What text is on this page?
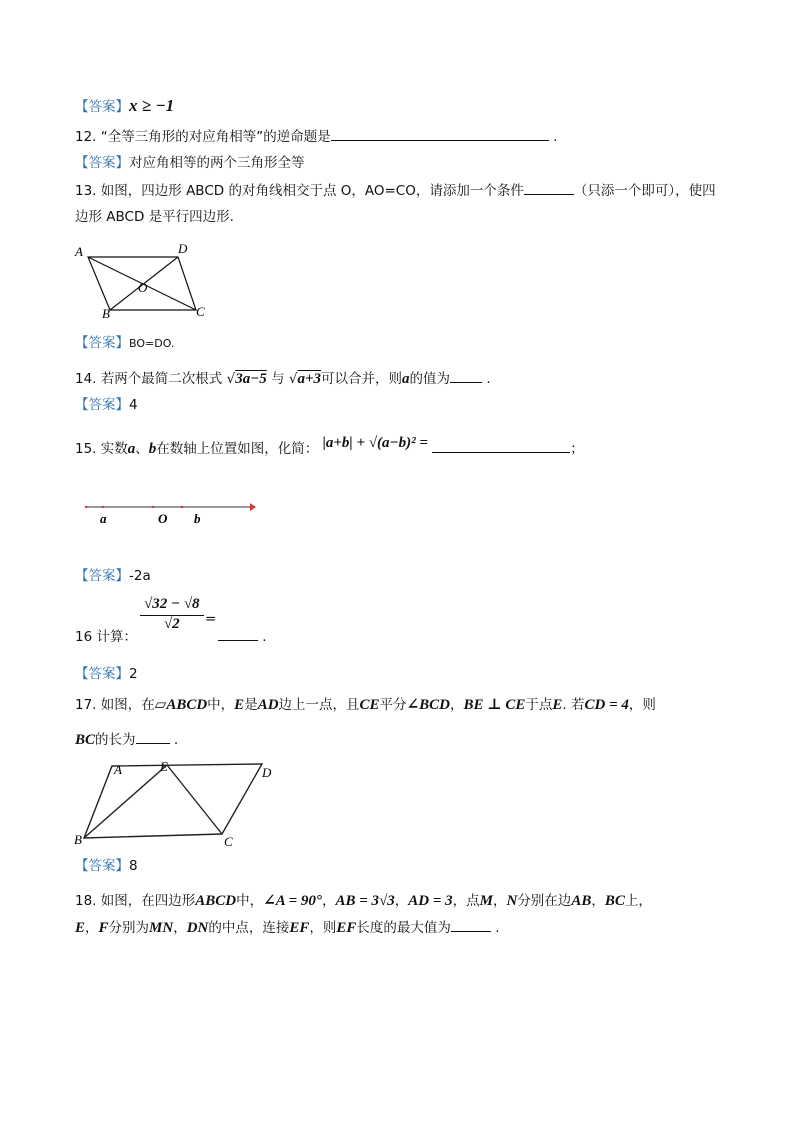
【答案】x ≥ −1
12. “全等三角形的对应角相等”的逆命题是	.
【答案】对应角相等的两个三角形全等
13. 如图，四边形 ABCD 的对角线相交于点 O，AO=CO，请添加一个条件	（只添一个即可），使四
边形 ABCD 是平行四边形.
A	D
O
B	C
【答案】BO=DO.
14. 若两个最简二次根式 √3a−5 与 √a+3可以合并，则a的值为	.
【答案】4
15. 实数a、b在数轴上位置如图，化简： |a+b| + √(a−b)² =	；
a	O b
【答案】-2a
$\frac{√32 - √8}{√2}$ =
16 计算：	.
【答案】2
17. 如图，在▱ABCD中，E是AD边上一点，且CE平分∠BCD，BE ⊥ CE于点E. 若CD = 4，则
BC的长为	.
A	E	D
B	C
【答案】8
18. 如图，在四边形ABCD中，∠A = 90°，AB = 3√3，AD = 3，点M，N分别在边AB，BC上，
E，F分别为MN，DN的中点，连接EF，则EF长度的最大值为	.
